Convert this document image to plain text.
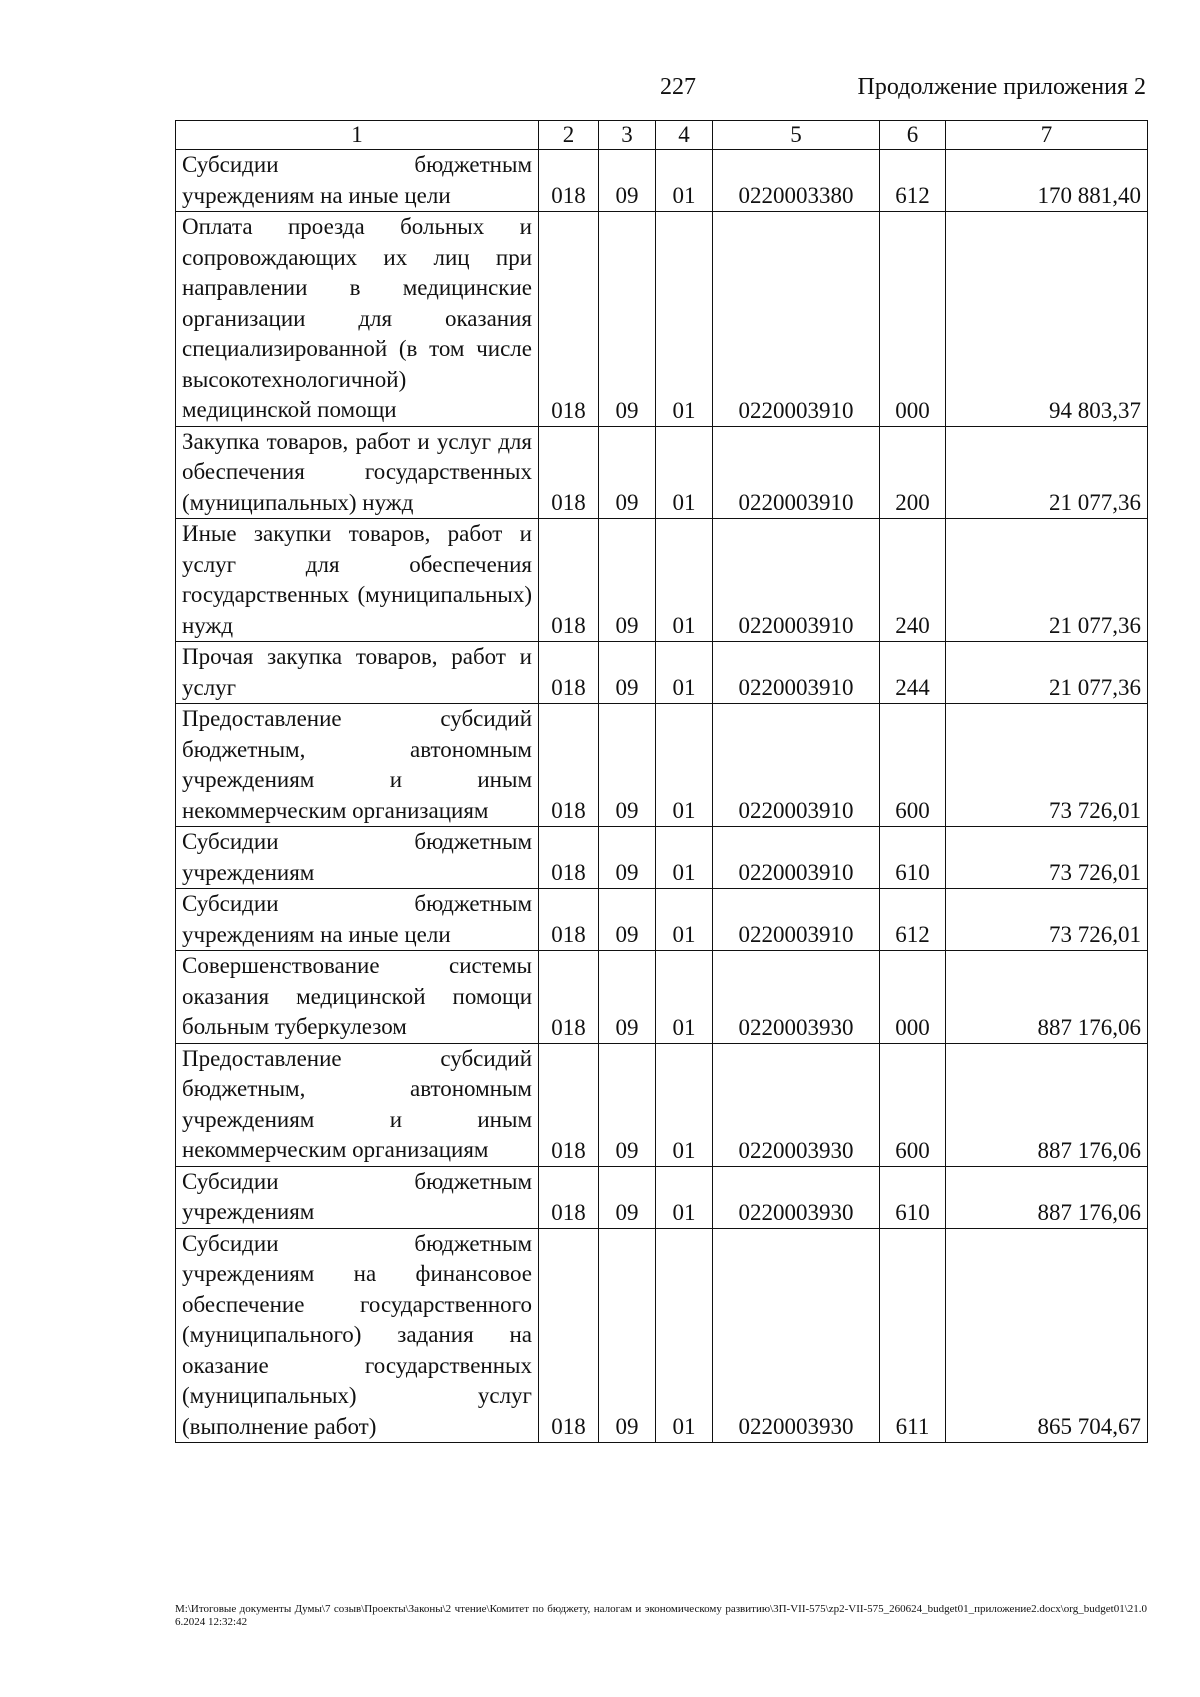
227	Продолжение приложения 2
1	2	3	4	5	6	7
Субсидии бюджетным учреждениям на иные цели	018	09	01	0220003380	612	170 881,40
Оплата проезда больных и сопровождающих их лиц при направлении в медицинские организации для оказания специализированной (в том числе высокотехнологичной) медицинской помощи	018	09	01	0220003910	000	94 803,37
Закупка товаров, работ и услуг для обеспечения государственных (муниципальных) нужд	018	09	01	0220003910	200	21 077,36
Иные закупки товаров, работ и услуг для обеспечения государственных (муниципальных) нужд	018	09	01	0220003910	240	21 077,36
Прочая закупка товаров, работ и услуг	018	09	01	0220003910	244	21 077,36
Предоставление субсидий бюджетным, автономным учреждениям и иным некоммерческим организациям	018	09	01	0220003910	600	73 726,01
Субсидии бюджетным учреждениям	018	09	01	0220003910	610	73 726,01
Субсидии бюджетным учреждениям на иные цели	018	09	01	0220003910	612	73 726,01
Совершенствование системы оказания медицинской помощи больным туберкулезом	018	09	01	0220003930	000	887 176,06
Предоставление субсидий бюджетным, автономным учреждениям и иным некоммерческим организациям	018	09	01	0220003930	600	887 176,06
Субсидии бюджетным учреждениям	018	09	01	0220003930	610	887 176,06
Субсидии бюджетным учреждениям на финансовое обеспечение государственного (муниципального) задания на оказание государственных (муниципальных) услуг (выполнение работ)	018	09	01	0220003930	611	865 704,67
M:\Итоговые документы Думы\7 созыв\Проекты\Законы\2 чтение\Комитет по бюджету, налогам и экономическому развитию\3П-VII-575\zp2-VII-575_260624_budget01_приложение2.docx\org_budget01\21.06.2024 12:32:42
